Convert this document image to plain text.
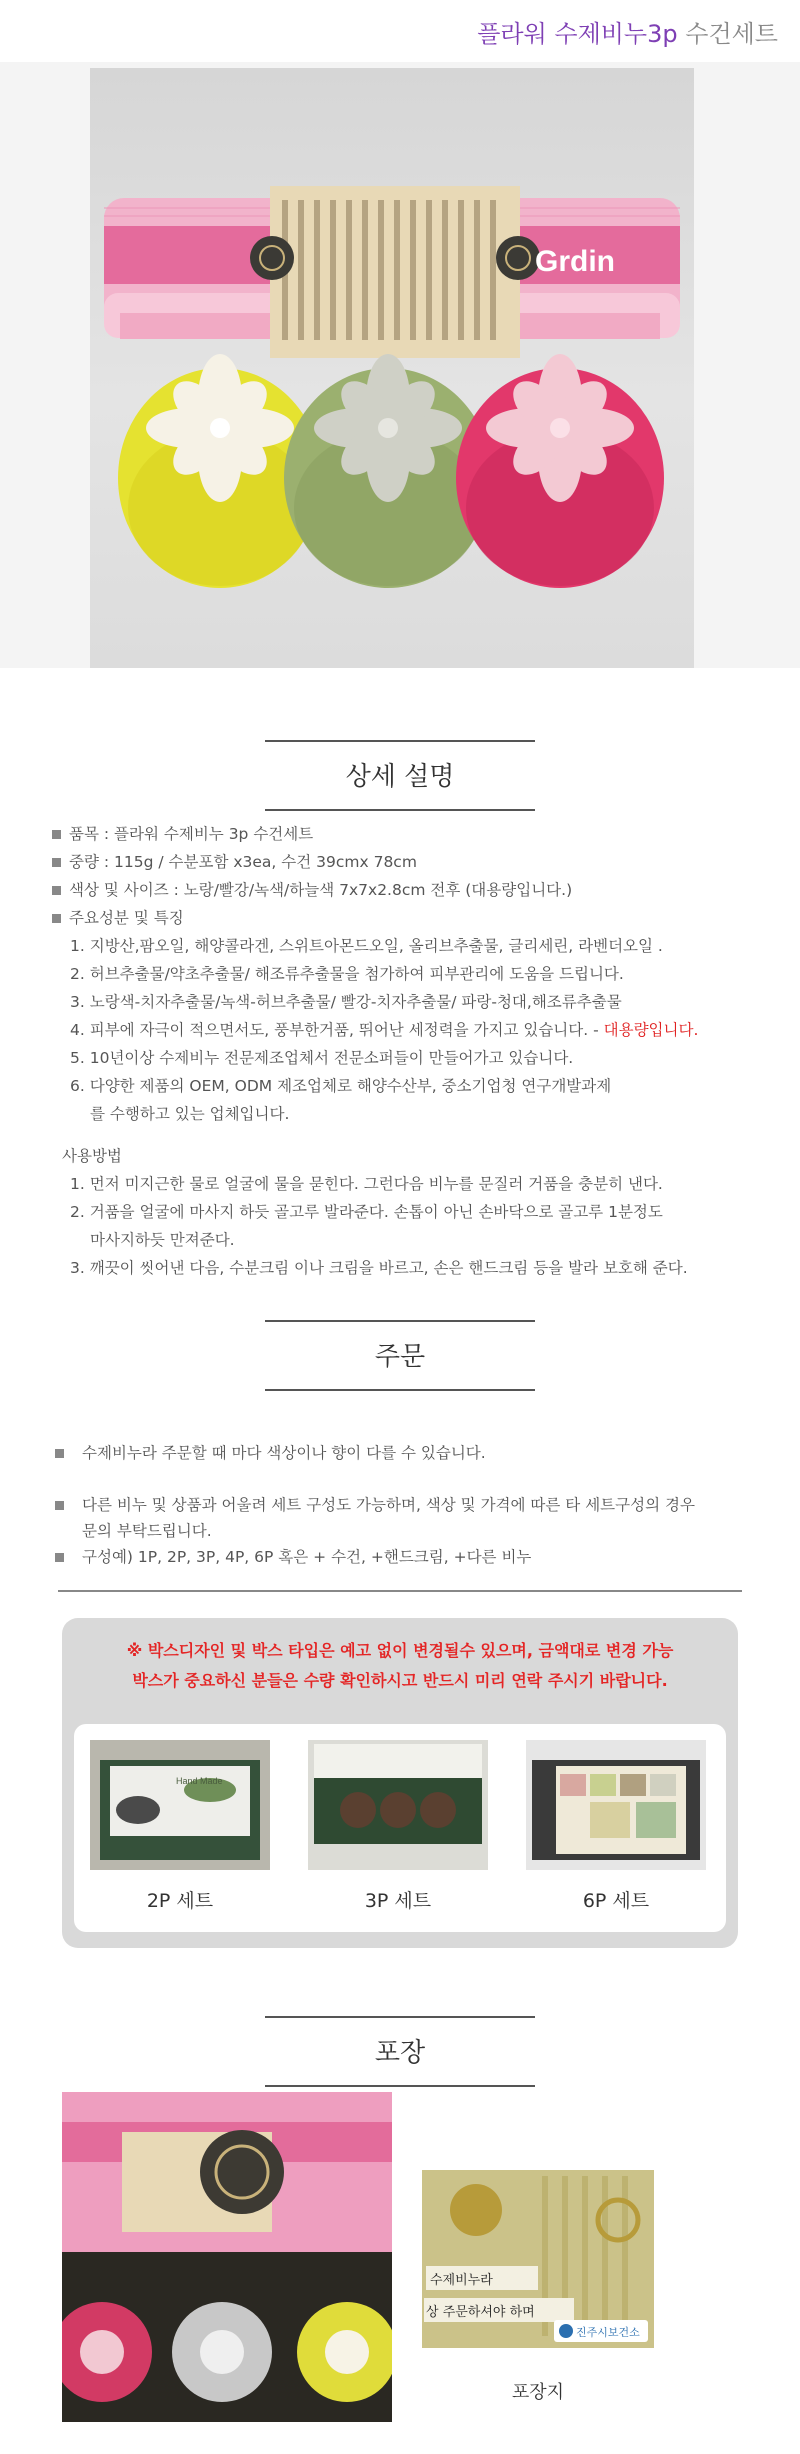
플라워 수제비누3p 수건세트
Grdin
상세 설명
품목 : 플라워 수제비누 3p 수건세트
중량 : 115g / 수분포함 x3ea, 수건 39cmx 78cm
색상 및 사이즈 : 노랑/빨강/녹색/하늘색 7x7x2.8cm 전후 (대용량입니다.)
주요성분 및 특징
1. 지방산,팜오일, 해양콜라겐, 스위트아몬드오일, 올리브추출물, 글리세린, 라벤더오일 .
2. 허브추출물/약초추출물/ 해조류추출물을 첨가하여 피부관리에 도움을 드립니다.
3. 노랑색-치자추출물/녹색-허브추출물/ 빨강-치자추출물/ 파랑-청대,해조류추출물
4. 피부에 자극이 적으면서도, 풍부한거품, 뛰어난 세정력을 가지고 있습니다. - 대용량입니다.
5. 10년이상 수제비누 전문제조업체서 전문소퍼들이 만들어가고 있습니다.
6. 다양한 제품의 OEM, ODM 제조업체로 해양수산부, 중소기업청 연구개발과제
를 수행하고 있는 업체입니다.
사용방법
1. 먼저 미지근한 물로 얼굴에 물을 묻힌다. 그런다음 비누를 문질러 거품을 충분히 낸다.
2. 거품을 얼굴에 마사지 하듯 골고루 발라준다. 손톱이 아닌 손바닥으로 골고루 1분정도
마사지하듯 만져준다.
3. 깨끗이 씻어낸 다음, 수분크림 이나 크림을 바르고, 손은 핸드크림 등을 발라 보호해 준다.
주문
수제비누라 주문할 때 마다 색상이나 향이 다를 수 있습니다.
다른 비누 및 상품과 어울려 세트 구성도 가능하며, 색상 및 가격에 따른 타 세트구성의 경우
문의 부탁드립니다.
구성예) 1P, 2P, 3P, 4P, 6P 혹은 + 수건, +핸드크림, +다른 비누
※ 박스디자인 및 박스 타입은 예고 없이 변경될수 있으며, 금액대로 변경 가능
박스가 중요하신 분들은 수량 확인하시고 반드시 미리 연락 주시기 바랍니다.
Hand Made
2P 세트	3P 세트	6P 세트
포장
수제비누라
상 주문하셔야 하며
진주시보건소
포장지
